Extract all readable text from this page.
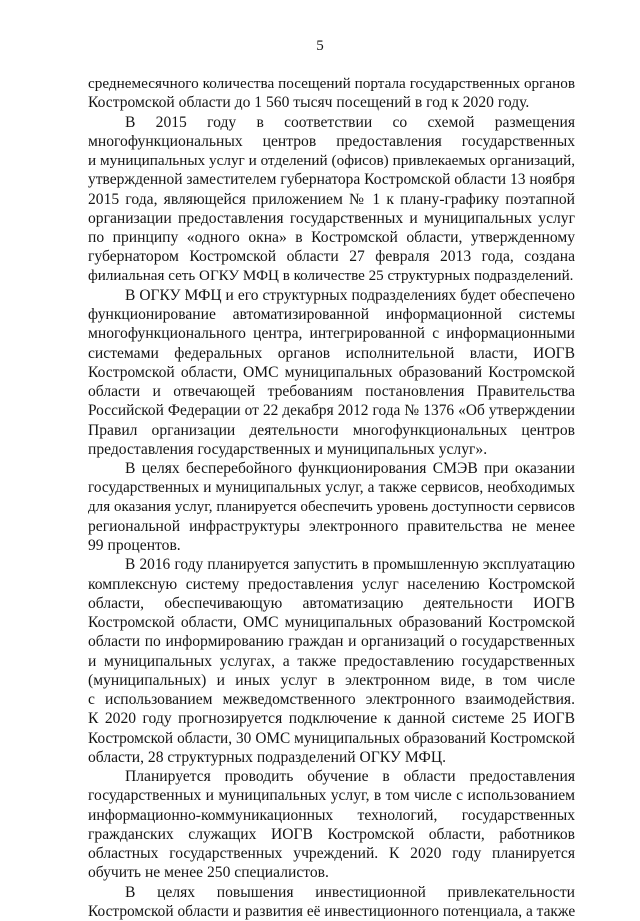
5
среднемесячного количества посещений портала государственных органов
Костромской области до 1 560 тысяч посещений в год к 2020 году.
В 2015 году в соответствии со схемой размещения
многофункциональных центров предоставления государственных
и муниципальных услуг и отделений (офисов) привлекаемых организаций,
утвержденной заместителем губернатора Костромской области 13 ноября
2015 года, являющейся приложением № 1 к плану-графику поэтапной
организации предоставления государственных и муниципальных услуг
по принципу «одного окна» в Костромской области, утвержденному
губернатором Костромской области 27 февраля 2013 года, создана
филиальная сеть ОГКУ МФЦ в количестве 25 структурных подразделений.
В ОГКУ МФЦ и его структурных подразделениях будет обеспечено
функционирование автоматизированной информационной системы
многофункционального центра, интегрированной с информационными
системами федеральных органов исполнительной власти, ИОГВ
Костромской области, ОМС муниципальных образований Костромской
области и отвечающей требованиям постановления Правительства
Российской Федерации от 22 декабря 2012 года № 1376 «Об утверждении
Правил организации деятельности многофункциональных центров
предоставления государственных и муниципальных услуг».
В целях бесперебойного функционирования СМЭВ при оказании
государственных и муниципальных услуг, а также сервисов, необходимых
для оказания услуг, планируется обеспечить уровень доступности сервисов
региональной инфраструктуры электронного правительства не менее
99 процентов.
В 2016 году планируется запустить в промышленную эксплуатацию
комплексную систему предоставления услуг населению Костромской
области, обеспечивающую автоматизацию деятельности ИОГВ
Костромской области, ОМС муниципальных образований Костромской
области по информированию граждан и организаций о государственных
и муниципальных услугах, а также предоставлению государственных
(муниципальных) и иных услуг в электронном виде, в том числе
с использованием межведомственного электронного взаимодействия.
К 2020 году прогнозируется подключение к данной системе 25 ИОГВ
Костромской области, 30 ОМС муниципальных образований Костромской
области, 28 структурных подразделений ОГКУ МФЦ.
Планируется проводить обучение в области предоставления
государственных и муниципальных услуг, в том числе с использованием
информационно-коммуникационных технологий, государственных
гражданских служащих ИОГВ Костромской области, работников
областных государственных учреждений. К 2020 году планируется
обучить не менее 250 специалистов.
В целях повышения инвестиционной привлекательности
Костромской области и развития её инвестиционного потенциала, а также
